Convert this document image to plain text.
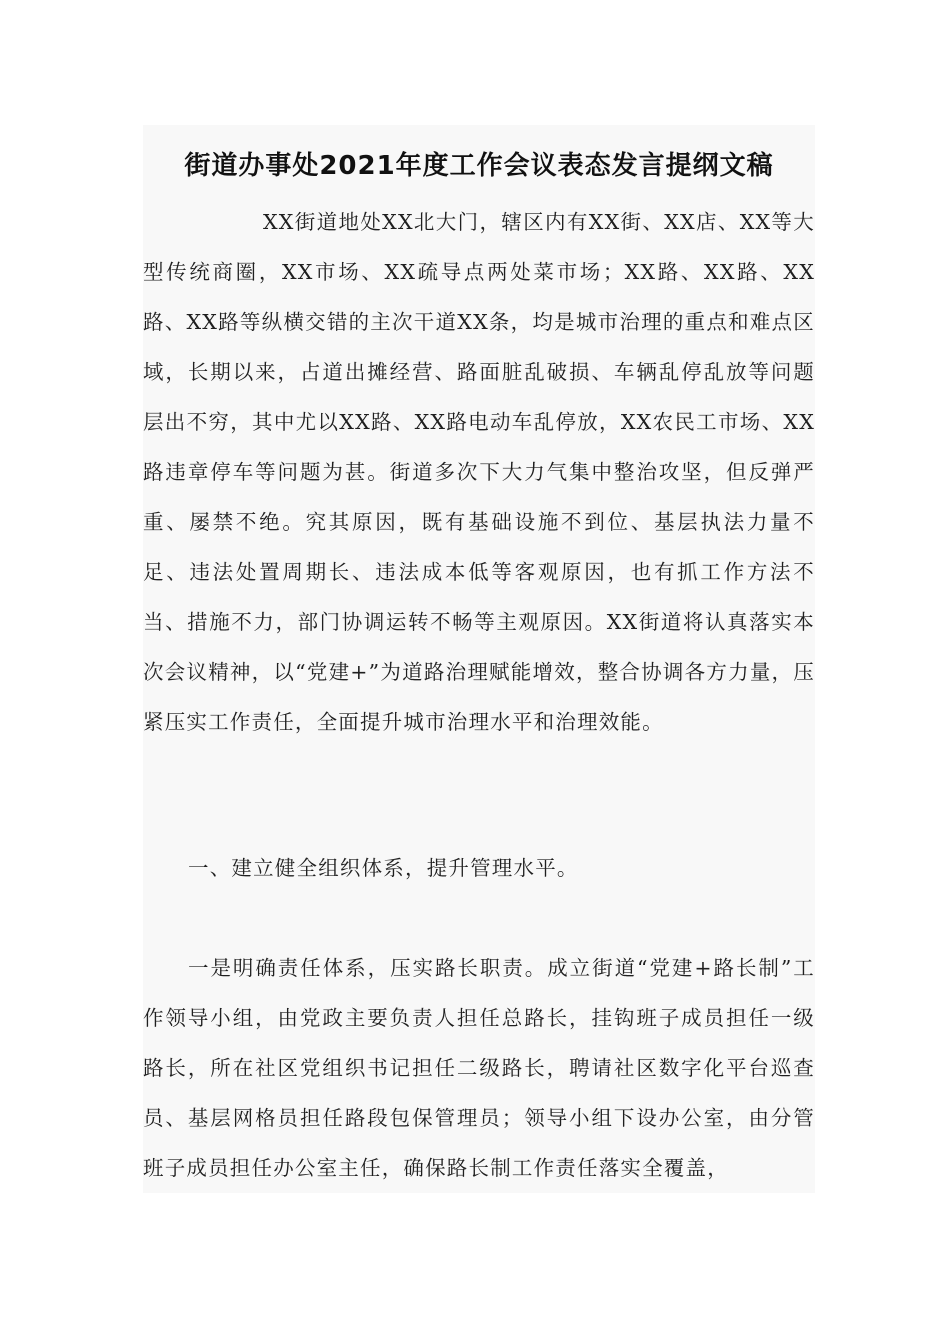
街道办事处2021年度工作会议表态发言提纲文稿

XX街道地处XX北大门，辖区内有XX街、XX店、XX等大型传统商圈，XX市场、XX疏导点两处菜市场；XX路、XX路、XX路、XX路等纵横交错的主次干道XX条，均是城市治理的重点和难点区域，长期以来，占道出摊经营、路面脏乱破损、车辆乱停乱放等问题层出不穷，其中尤以XX路、XX路电动车乱停放，XX农民工市场、XX路违章停车等问题为甚。街道多次下大力气集中整治攻坚，但反弹严重、屡禁不绝。究其原因，既有基础设施不到位、基层执法力量不足、违法处置周期长、违法成本低等客观原因，也有抓工作方法不当、措施不力，部门协调运转不畅等主观原因。XX街道将认真落实本次会议精神，以“党建+”为道路治理赋能增效，整合协调各方力量，压紧压实工作责任，全面提升城市治理水平和治理效能。

一、建立健全组织体系，提升管理水平。

一是明确责任体系，压实路长职责。成立街道“党建+路长制”工作领导小组，由党政主要负责人担任总路长，挂钩班子成员担任一级路长，所在社区党组织书记担任二级路长，聘请社区数字化平台巡查员、基层网格员担任路段包保管理员；领导小组下设办公室，由分管班子成员担任办公室主任，确保路长制工作责任落实全覆盖，
